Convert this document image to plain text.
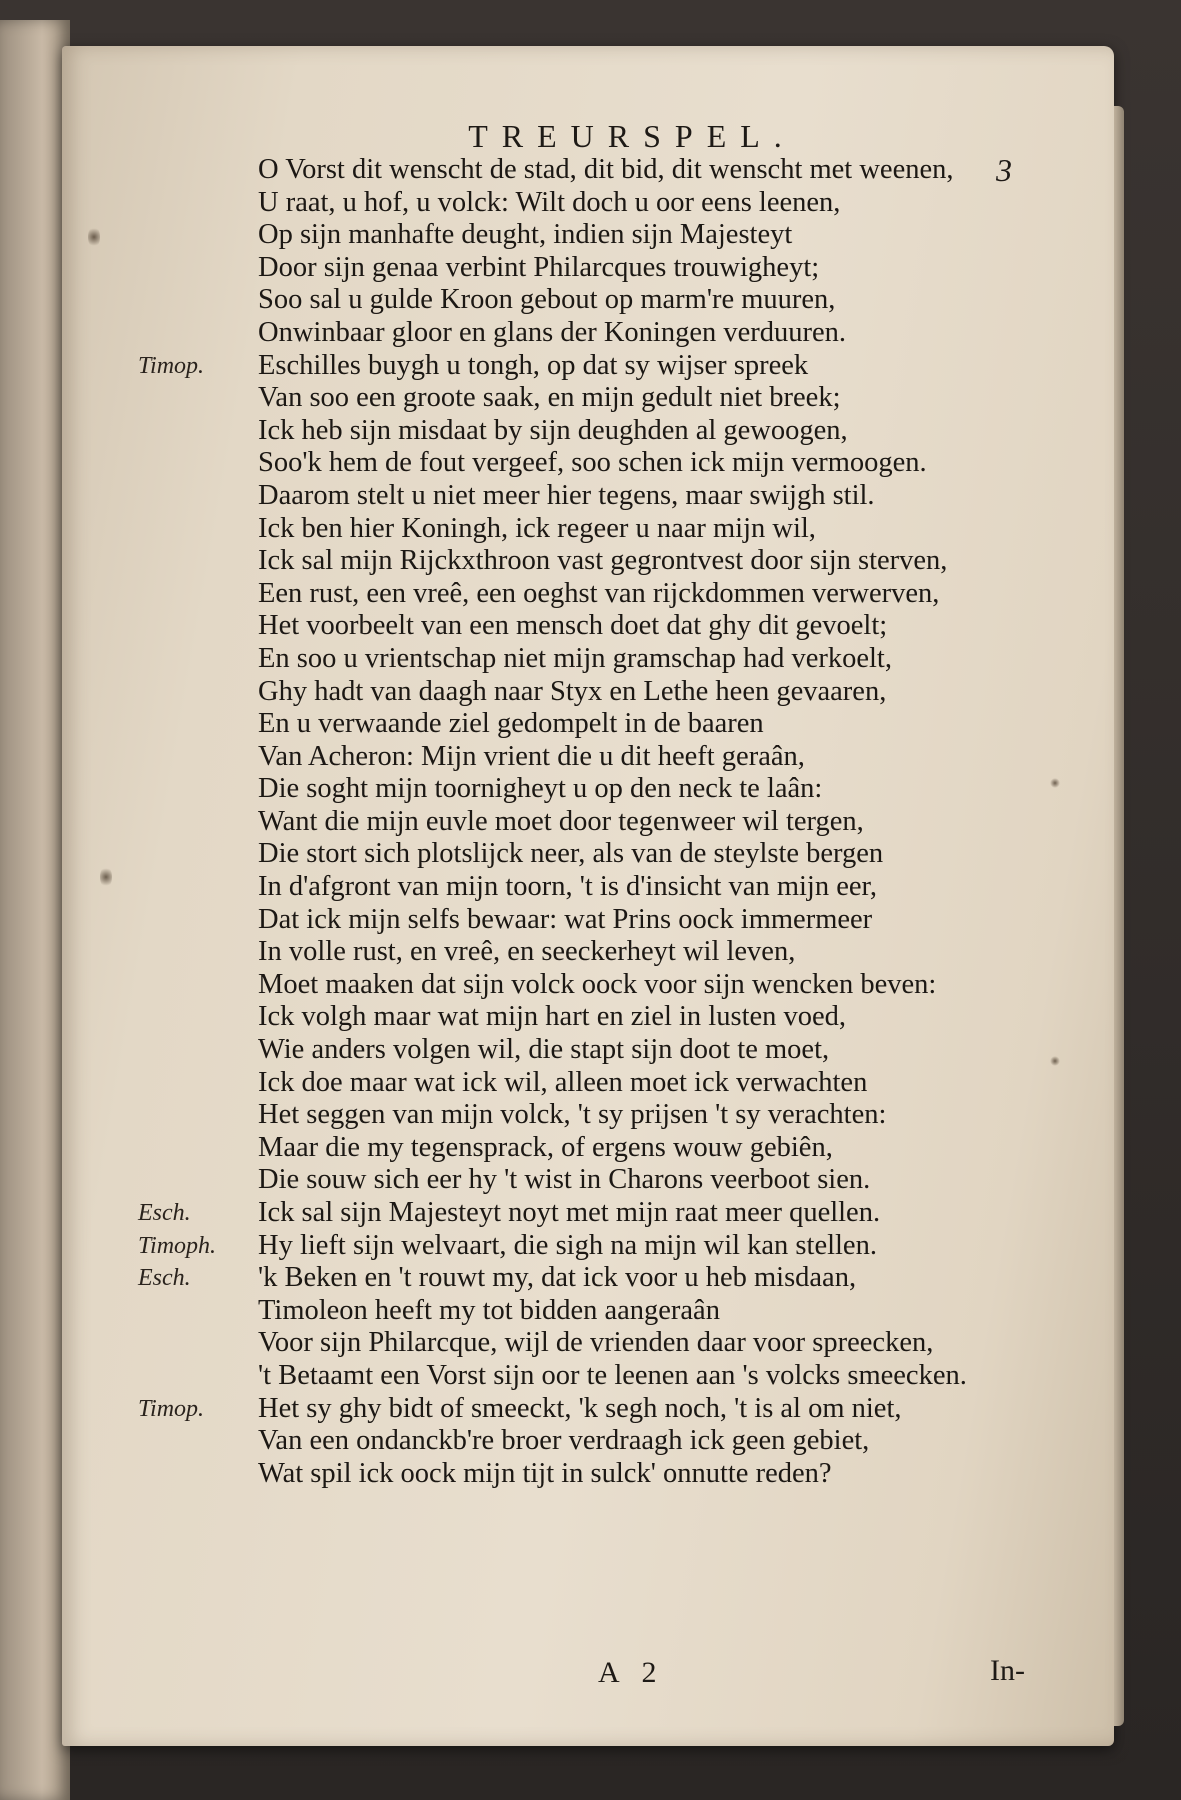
TREURSPEL.
3
O Vorst dit wenscht de stad, dit bid, dit wenscht met weenen,
U raat, u hof, u volck: Wilt doch u oor eens leenen,
Op sijn manhafte deught, indien sijn Majesteyt
Door sijn genaa verbint Philarcques trouwigheyt;
Soo sal u gulde Kroon gebout op marm're muuren,
Onwinbaar gloor en glans der Koningen verduuren.
Timop. Eschilles buygh u tongh, op dat sy wijser spreek
Van soo een groote saak, en mijn gedult niet breek;
Ick heb sijn misdaat by sijn deughden al gewoogen,
Soo'k hem de fout vergeef, soo schen ick mijn vermoogen.
Daarom stelt u niet meer hier tegens, maar swijgh stil.
Ick ben hier Koningh, ick regeer u naar mijn wil,
Ick sal mijn Rijckxthroon vast gegrontvest door sijn sterven,
Een rust, een vreê, een oeghst van rijckdommen verwerven,
Het voorbeelt van een mensch doet dat ghy dit gevoelt;
En soo u vrientschap niet mijn gramschap had verkoelt,
Ghy hadt van daagh naar Styx en Lethe heen gevaaren,
En u verwaande ziel gedompelt in de baaren
Van Acheron: Mijn vrient die u dit heeft geraân,
Die soght mijn toornigheyt u op den neck te laân:
Want die mijn euvle moet door tegenweer wil tergen,
Die stort sich plotslijck neer, als van de steylste bergen
In d'afgront van mijn toorn, 't is d'insicht van mijn eer,
Dat ick mijn selfs bewaar: wat Prins oock immermeer
In volle rust, en vreê, en seeckerheyt wil leven,
Moet maaken dat sijn volck oock voor sijn wencken beven:
Ick volgh maar wat mijn hart en ziel in lusten voed,
Wie anders volgen wil, die stapt sijn doot te moet,
Ick doe maar wat ick wil, alleen moet ick verwachten
Het seggen van mijn volck, 't sy prijsen 't sy verachten:
Maar die my tegensprack, of ergens wouw gebiên,
Die souw sich eer hy 't wist in Charons veerboot sien.
Esch. Ick sal sijn Majesteyt noyt met mijn raat meer quellen.
Timoph. Hy lieft sijn welvaart, die sigh na mijn wil kan stellen.
Esch. 'k Beken en 't rouwt my, dat ick voor u heb misdaan,
Timoleon heeft my tot bidden aangeraân
Voor sijn Philarcque, wijl de vrienden daar voor spreecken,
't Betaamt een Vorst sijn oor te leenen aan 's volcks smeecken.
Timop. Het sy ghy bidt of smeeckt, 'k segh noch, 't is al om niet,
Van een ondanckb're broer verdraagh ick geen gebiet,
Wat spil ick oock mijn tijt in sulck' onnutte reden?
A 2	In-
